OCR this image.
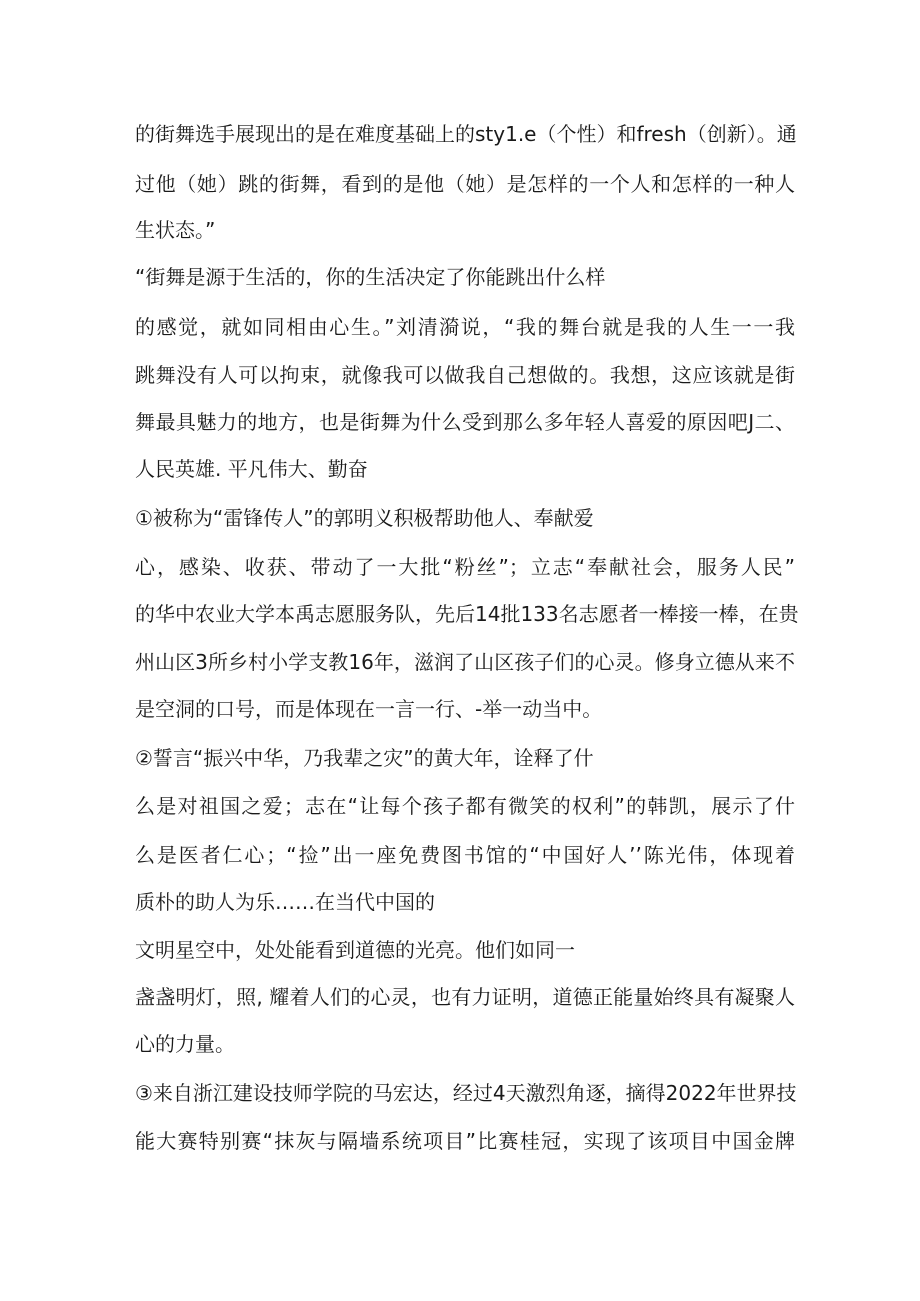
的街舞选手展现出的是在难度基础上的sty1.e（个性）和fresh（创新）。通
过他（她）跳的街舞，看到的是他（她）是怎样的一个人和怎样的一种人
生状态。”
“街舞是源于生活的，你的生活决定了你能跳出什么样
的感觉，就如同相由心生。”刘清漪说，“我的舞台就是我的人生一一我
跳舞没有人可以拘束，就像我可以做我自己想做的。我想，这应该就是街
舞最具魅力的地方，也是街舞为什么受到那么多年轻人喜爱的原因吧J二、
人民英雄. 平凡伟大、勤奋
①被称为“雷锋传人”的郭明义积极帮助他人、奉献爱
心，感染、收获、带动了一大批“粉丝”；立志“奉献社会，服务人民”
的华中农业大学本禹志愿服务队，先后14批133名志愿者一棒接一棒，在贵
州山区3所乡村小学支教16年，滋润了山区孩子们的心灵。修身立德从来不
是空洞的口号，而是体现在一言一行、-举一动当中。
②誓言“振兴中华，乃我辈之灾”的黄大年，诠释了什
么是对祖国之爱；志在“让每个孩子都有微笑的权利”的韩凯，展示了什
么是医者仁心；“捡”出一座免费图书馆的“中国好人’’陈光伟，体现着
质朴的助人为乐……在当代中国的
文明星空中，处处能看到道德的光亮。他们如同一
盏盏明灯，照, 耀着人们的心灵，也有力证明，道德正能量始终具有凝聚人
心的力量。
③来自浙江建设技师学院的马宏达，经过4天激烈角逐，摘得2022年世界技
能大赛特别赛“抹灰与隔墙系统项目”比赛桂冠，实现了该项目中国金牌
